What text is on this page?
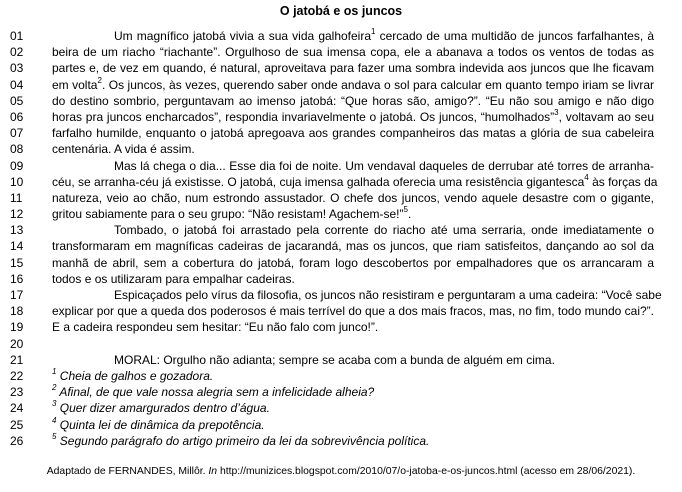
O jatobá e os juncos
01	Um magnífico jatobá vivia a sua vida galhofeira$^1$ cercado de uma multidão de juncos farfalhantes, à
02	beira de um riacho “riachante”. Orgulhoso de sua imensa copa, ele a abanava a todos os ventos de todas as
03	partes e, de vez em quando, é natural, aproveitava para fazer uma sombra indevida aos juncos que lhe ficavam
04	em volta$^2$. Os juncos, às vezes, querendo saber onde andava o sol para calcular em quanto tempo iriam se livrar
05	do destino sombrio, perguntavam ao imenso jatobá: “Que horas são, amigo?”. “Eu não sou amigo e não digo
06	horas pra juncos encharcados”, respondia invariavelmente o jatobá. Os juncos, “humolhados”$^3$, voltavam ao seu
07	farfalho humilde, enquanto o jatobá apregoava aos grandes companheiros das matas a glória de sua cabeleira
08	centenária. A vida é assim.
09	Mas lá chega o dia... Esse dia foi de noite. Um vendaval daqueles de derrubar até torres de arranha-
10	céu, se arranha-céu já existisse. O jatobá, cuja imensa galhada oferecia uma resistência gigantesca$^4$ às forças da
11	natureza, veio ao chão, num estrondo assustador. O chefe dos juncos, vendo aquele desastre com o gigante,
12	gritou sabiamente para o seu grupo: “Não resistam! Agachem-se!”$^5$.
13	Tombado, o jatobá foi arrastado pela corrente do riacho até uma serraria, onde imediatamente o
14	transformaram em magníficas cadeiras de jacarandá, mas os juncos, que riam satisfeitos, dançando ao sol da
15	manhã de abril, sem a cobertura do jatobá, foram logo descobertos por empalhadores que os arrancaram a
16	todos e os utilizaram para empalhar cadeiras.
17	Espicaçados pelo vírus da filosofia, os juncos não resistiram e perguntaram a uma cadeira: “Você sabe
18	explicar por que a queda dos poderosos é mais terrível do que a dos mais fracos, mas, no fim, todo mundo cai?”.
19	E a cadeira respondeu sem hesitar: “Eu não falo com junco!”.
20
21	MORAL: Orgulho não adianta; sempre se acaba com a bunda de alguém em cima.
22	$^1$ Cheia de galhos e gozadora.
23	$^2$ Afinal, de que vale nossa alegria sem a infelicidade alheia?
24	$^3$ Quer dizer amargurados dentro d’água.
25	$^4$ Quinta lei de dinâmica da prepotência.
26	$^5$ Segundo parágrafo do artigo primeiro da lei da sobrevivência política.
Adaptado de FERNANDES, Millôr. In http://munizices.blogspot.com/2010/07/o-jatoba-e-os-juncos.html (acesso em 28/06/2021).
